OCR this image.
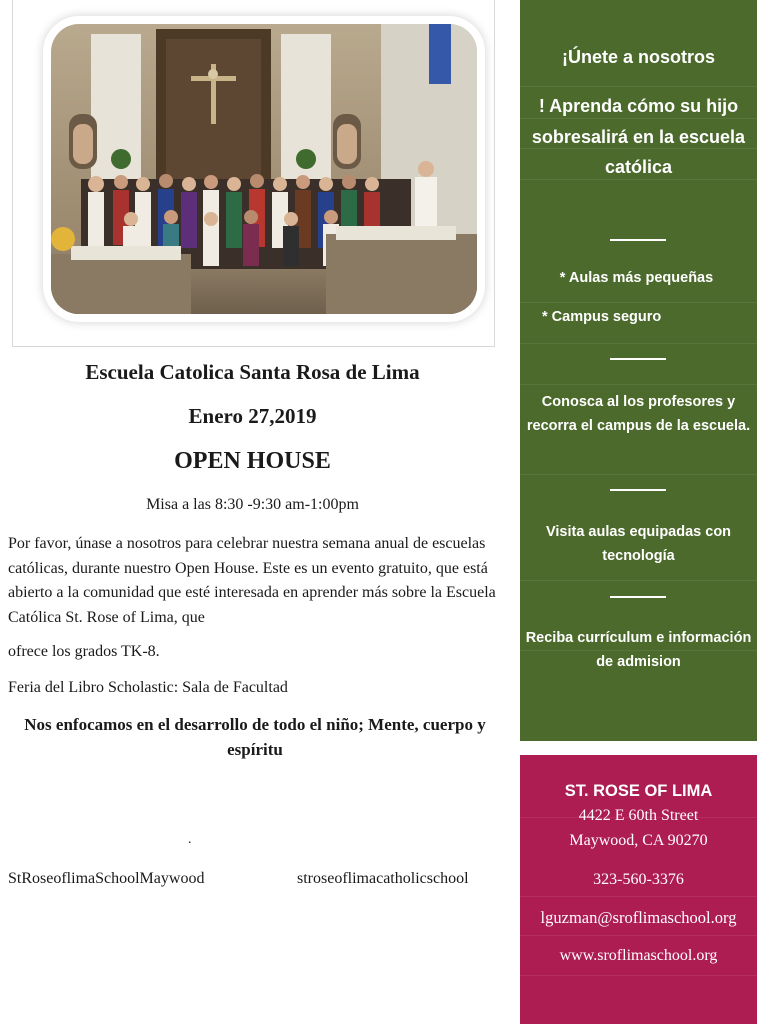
Escuela Catolica Santa Rosa de Lima
Enero 27,2019
OPEN HOUSE
Misa a las 8:30 -9:30 am-1:00pm
Por favor, únase a nosotros para celebrar nuestra semana anual de escuelas católicas, durante nuestro Open House. Este es un evento gratuito, que está abierto a la comunidad que esté interesada en aprender más sobre la Escuela Católica St. Rose of Lima, que
ofrece los grados TK-8.
Feria del Libro Scholastic: Sala de Facultad
Nos enfocamos en el desarrollo de todo el niño; Mente, cuerpo y espíritu
.
StRoseoflimaSchoolMaywood	stroseoflimacatholicschool
¡Únete a nosotros
! Aprenda cómo su hijo sobresalirá en la escuela católica
* Aulas más pequeñas
* Campus seguro
Conosca al los profesores y recorra el campus de la escuela.
Visita aulas equipadas con tecnología
Reciba currículum e información de admision
ST. ROSE OF LIMA
4422 E 60th Street
Maywood, CA 90270
323-560-3376
lguzman@sroflimaschool.org
www.sroflimaschool.org
